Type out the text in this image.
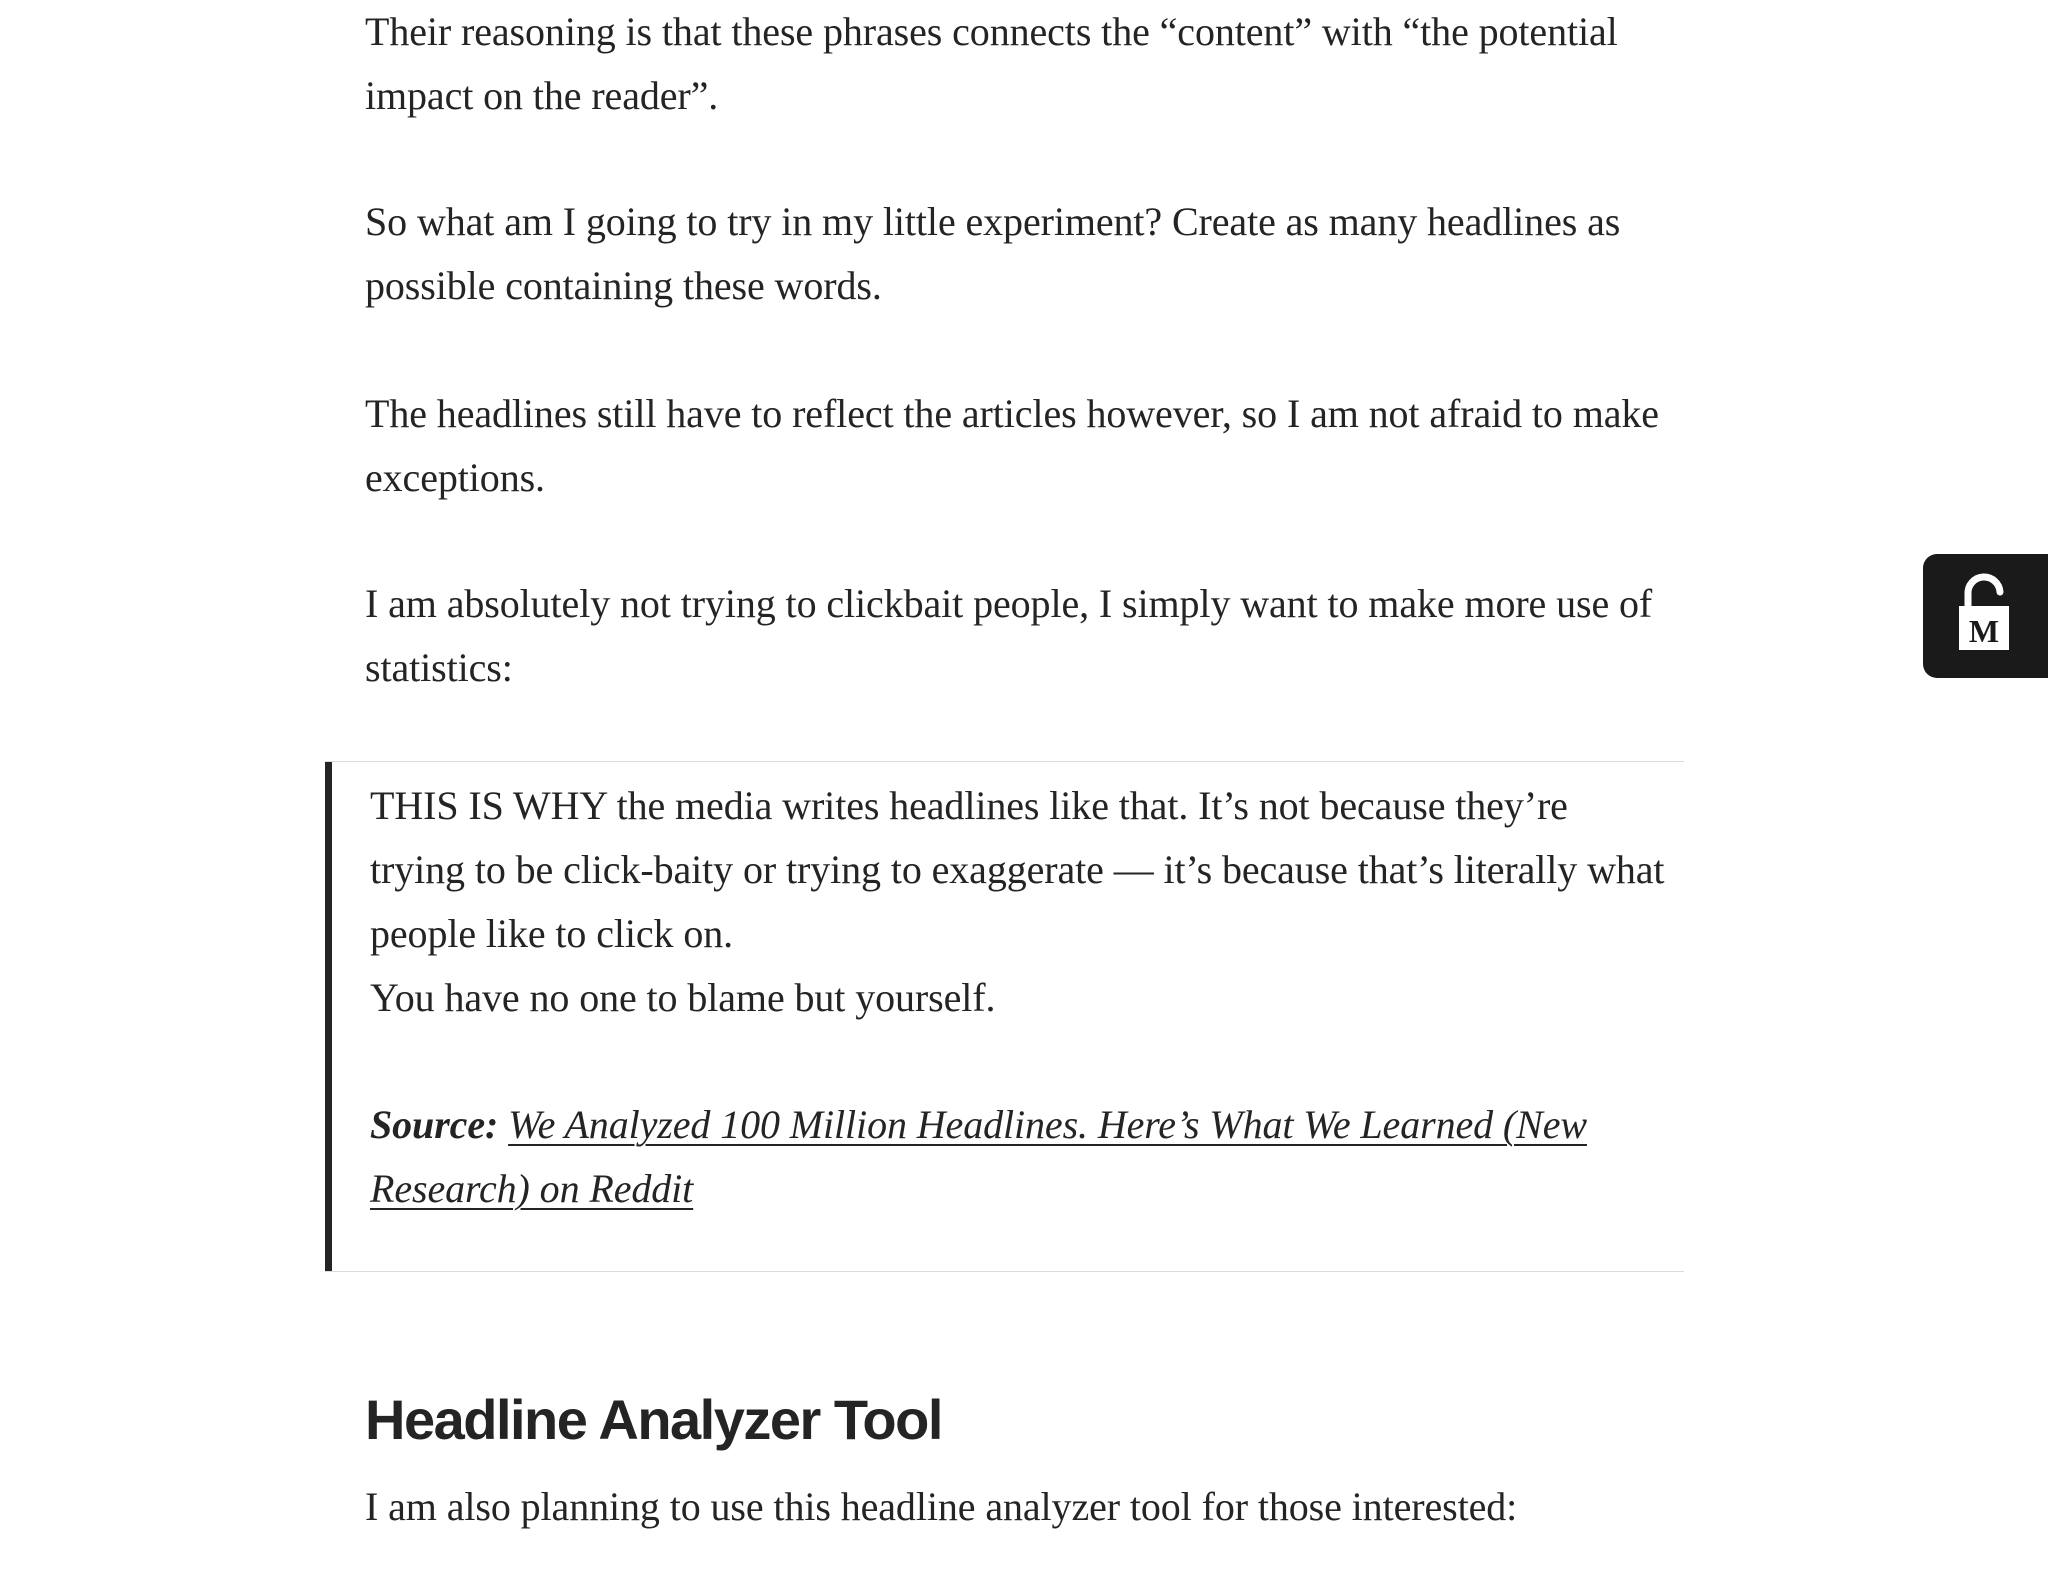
Their reasoning is that these phrases connects the “content” with “the potential impact on the reader”.

So what am I going to try in my little experiment? Create as many headlines as possible containing these words.

The headlines still have to reflect the articles however, so I am not afraid to make exceptions.

I am absolutely not trying to clickbait people, I simply want to make more use of statistics:

THIS IS WHY the media writes headlines like that. It’s not because they’re trying to be click-baity or trying to exaggerate — it’s because that’s literally what people like to click on.

You have no one to blame but yourself.

Source: We Analyzed 100 Million Headlines. Here’s What We Learned (New Research) on Reddit

Headline Analyzer Tool

I am also planning to use this headline analyzer tool for those interested:

M
